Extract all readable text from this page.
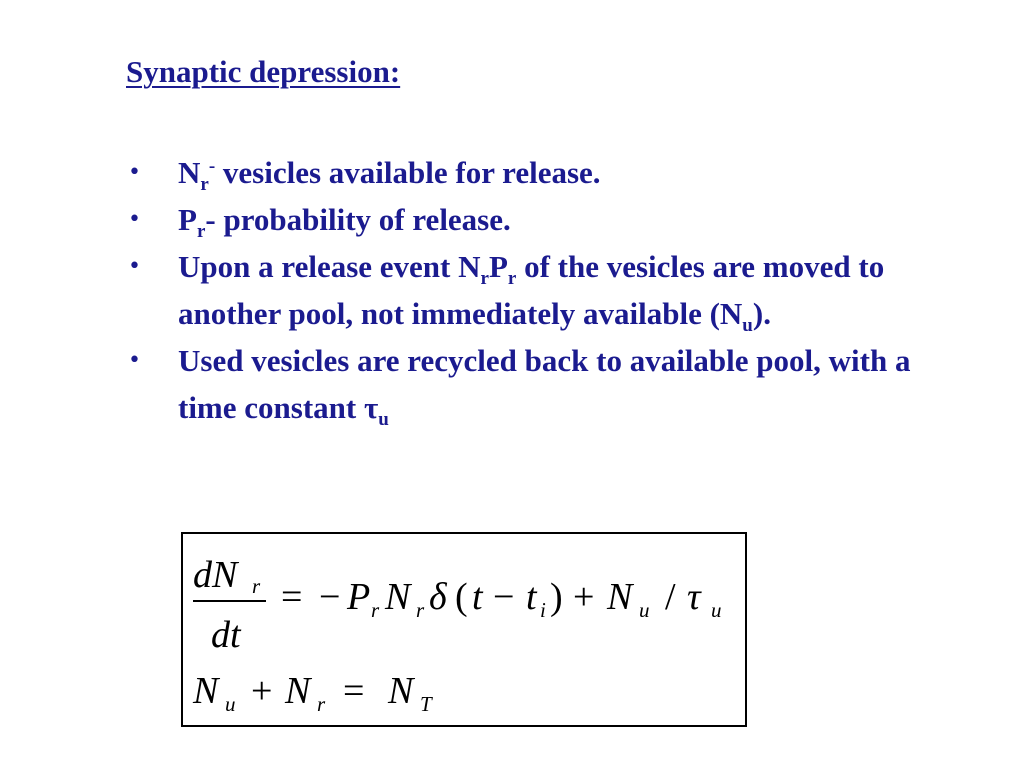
Synaptic depression:
• $N_r^-$ vesicles available for release.
• $P_r-$ probability of release.
• Upon a release event $N_rP_r$ of the vesicles are moved to another pool, not immediately available $(N_u)$.
• Used vesicles are recycled back to available pool, with a time constant $\tau_u$
dN r
dt
= − P r N r δ ( t − t i ) + N u / τ u
N u + N r = N T
